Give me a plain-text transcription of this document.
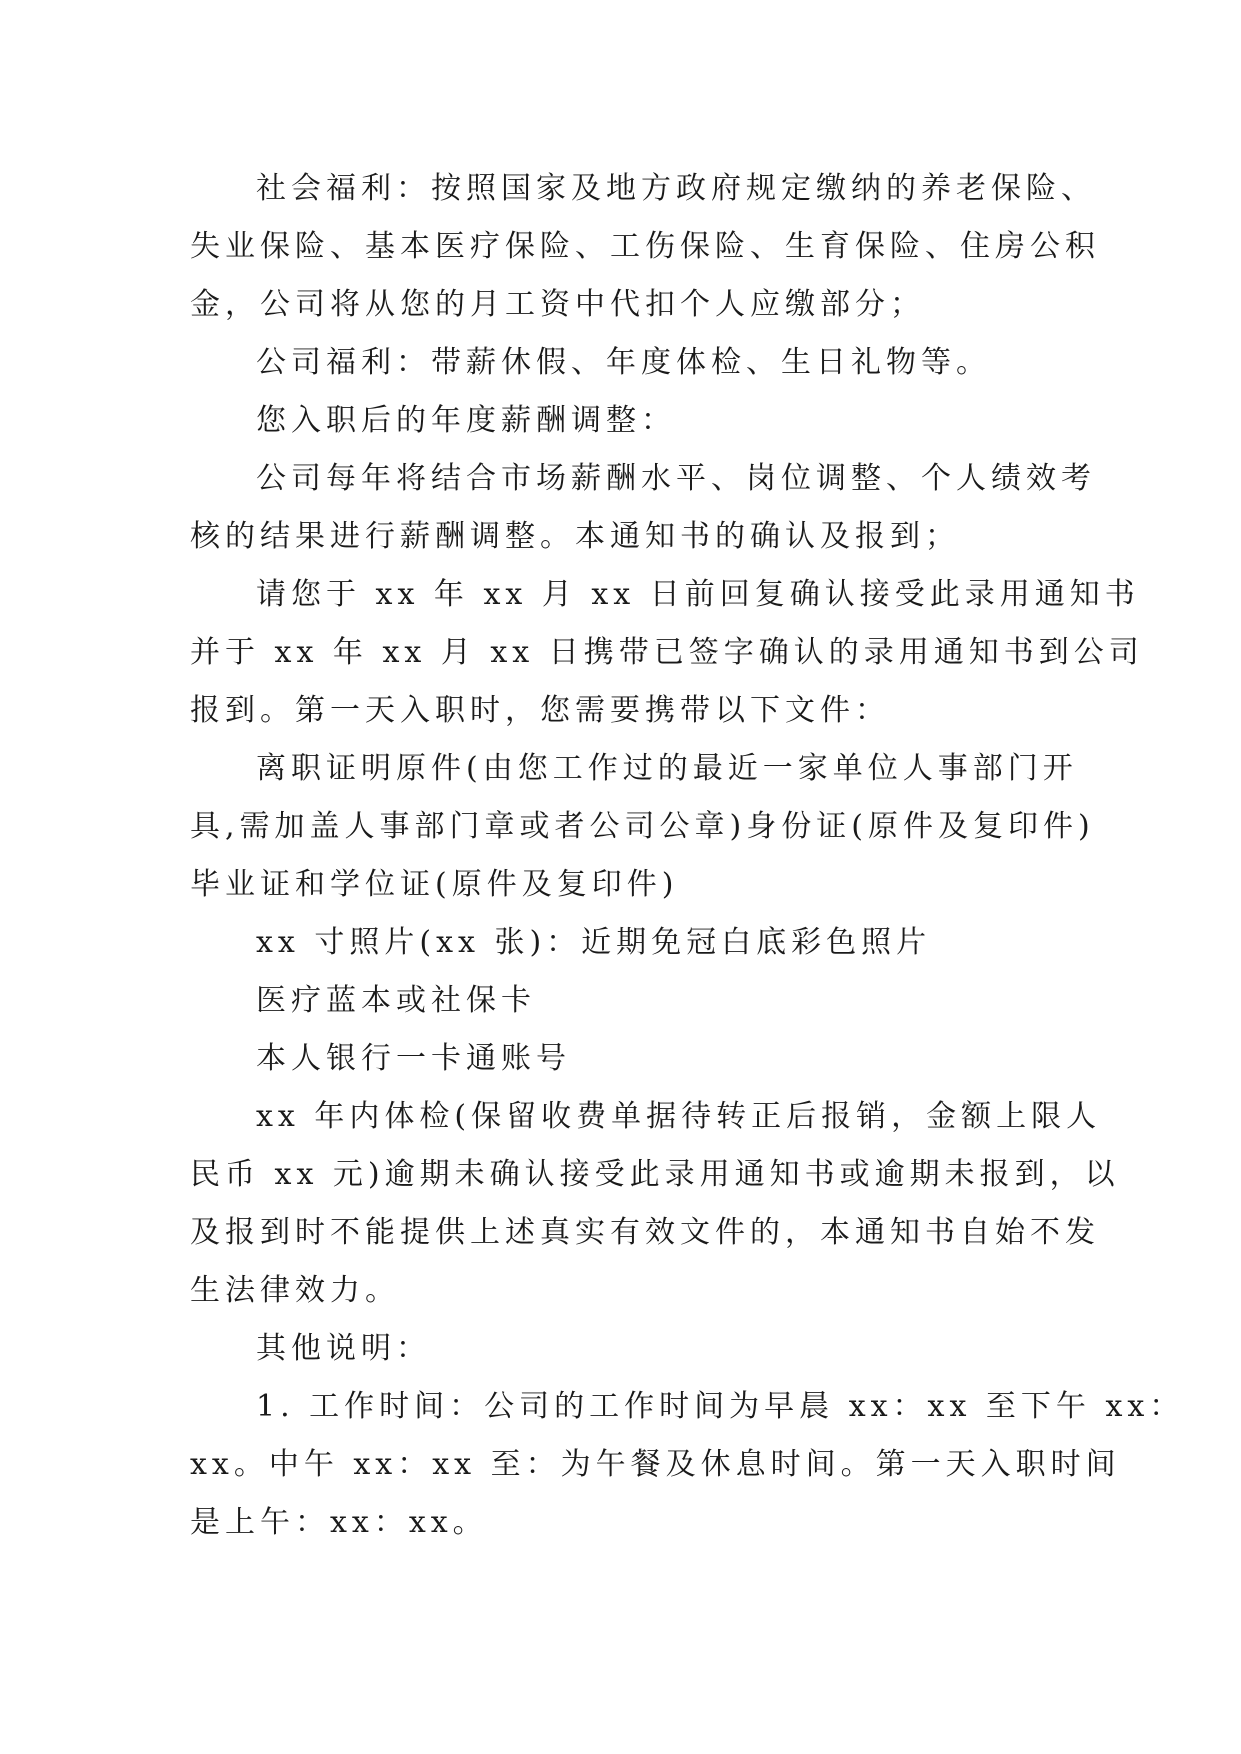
社会福利：按照国家及地方政府规定缴纳的养老保险、
失业保险、基本医疗保险、工伤保险、生育保险、住房公积
金，公司将从您的月工资中代扣个人应缴部分；
公司福利：带薪休假、年度体检、生日礼物等。
您入职后的年度薪酬调整：
公司每年将结合市场薪酬水平、岗位调整、个人绩效考
核的结果进行薪酬调整。本通知书的确认及报到；
请您于 xx 年 xx 月 xx 日前回复确认接受此录用通知书
并于 xx 年 xx 月 xx 日携带已签字确认的录用通知书到公司
报到。第一天入职时，您需要携带以下文件：
离职证明原件(由您工作过的最近一家单位人事部门开
具,需加盖人事部门章或者公司公章)身份证(原件及复印件)
毕业证和学位证(原件及复印件)
xx 寸照片(xx 张)：近期免冠白底彩色照片
医疗蓝本或社保卡
本人银行一卡通账号
xx 年内体检(保留收费单据待转正后报销，金额上限人
民币 xx 元)逾期未确认接受此录用通知书或逾期未报到，以
及报到时不能提供上述真实有效文件的，本通知书自始不发
生法律效力。
其他说明：
1. 工作时间：公司的工作时间为早晨 xx：xx 至下午 xx：
xx。中午 xx：xx 至：为午餐及休息时间。第一天入职时间
是上午：xx：xx。
